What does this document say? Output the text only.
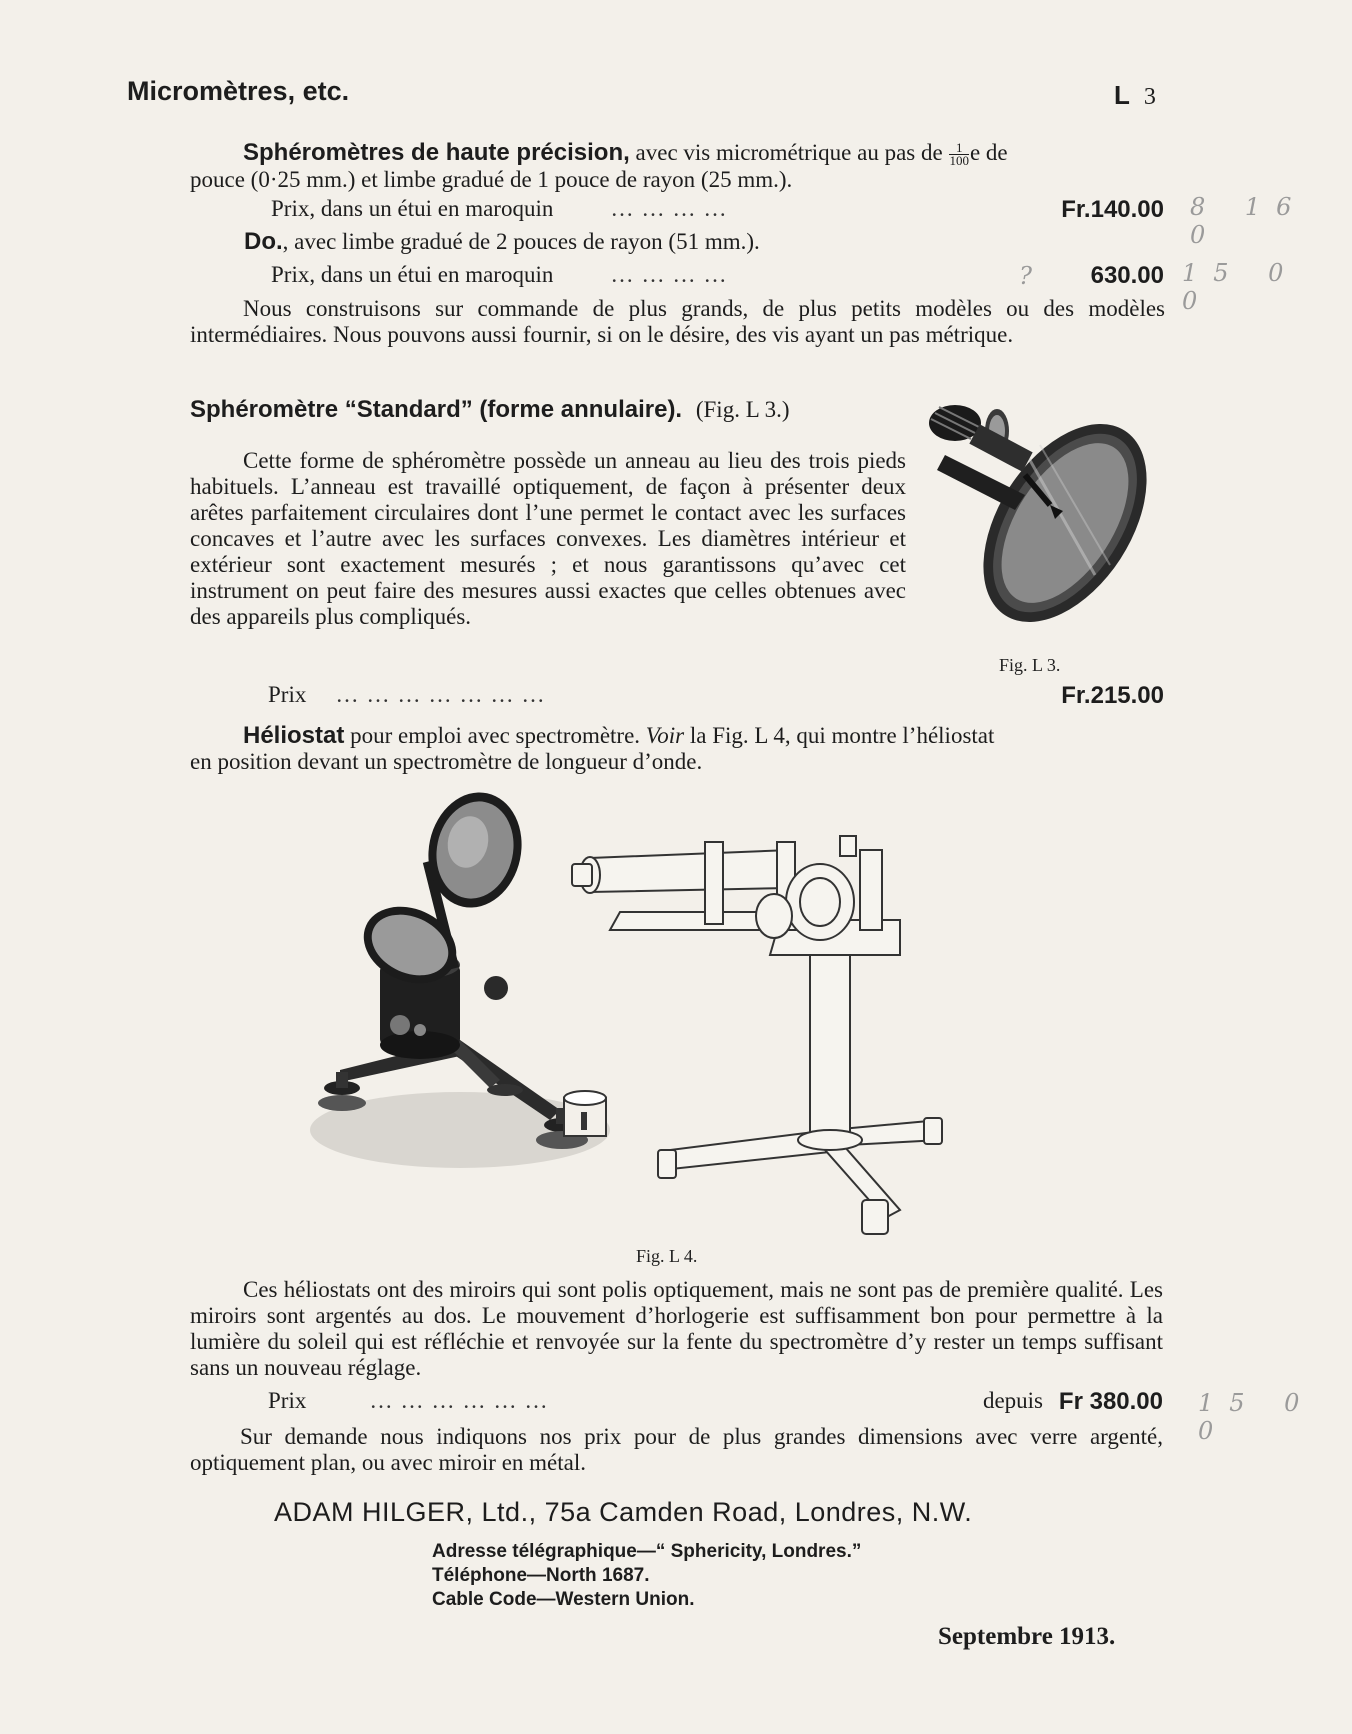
Micromètres, etc.	L 3
Sphéromètres de haute précision, avec vis micrométrique au pas de $\frac{1}{100}$ e de
pouce (0·25 mm.) et limbe gradué de 1 pouce de rayon (25 mm.).
Prix, dans un étui en maroquin	... ... ... ...	Fr.140.00 8 16 0
Do., avec limbe gradué de 2 pouces de rayon (51 mm.).
Prix, dans un étui en maroquin	... ... ... ...	? 630.00 15 0 0
Nous construisons sur commande de plus grands, de plus petits modèles ou des modèles intermédiaires. Nous pouvons aussi fournir, si on le désire, des vis ayant un pas métrique.
Sphéromètre “Standard” (forme annulaire). (Fig. L 3.)
Cette forme de sphéromètre possède un anneau au lieu des trois pieds habituels. L’anneau est travaillé optiquement, de façon à présenter deux arêtes parfaitement circulaires dont l’une permet le contact avec les surfaces concaves et l’autre avec les surfaces convexes. Les diamètres intérieur et extérieur sont exactement mesurés ; et nous garantissons qu’avec cet instrument on peut faire des mesures aussi exactes que celles obtenues avec des appareils plus compliqués.
Fig. L 3.
Prix ... ... ... ... ... ... ...	Fr.215.00
Héliostat pour emploi avec spectromètre. Voir la Fig. L 4, qui montre l’héliostat
en position devant un spectromètre de longueur d’onde.
Fig. L 4.
Ces héliostats ont des miroirs qui sont polis optiquement, mais ne sont pas de première qualité. Les miroirs sont argentés au dos. Le mouvement d’horlogerie est suffisamment bon pour permettre à la lumière du soleil qui est réfléchie et renvoyée sur la fente du spectromètre d’y rester un temps suffisant sans un nouveau réglage.
Prix	... ... ... ... ... ...	depuis Fr 380.00 15 0 0
Sur demande nous indiquons nos prix pour de plus grandes dimensions avec verre argenté, optiquement plan, ou avec miroir en métal.
ADAM HILGER, Ltd., 75a Camden Road, Londres, N.W.
Adresse télégraphique—“ Sphericity, Londres.”
Téléphone—North 1687.
Cable Code—Western Union.
Septembre 1913.
